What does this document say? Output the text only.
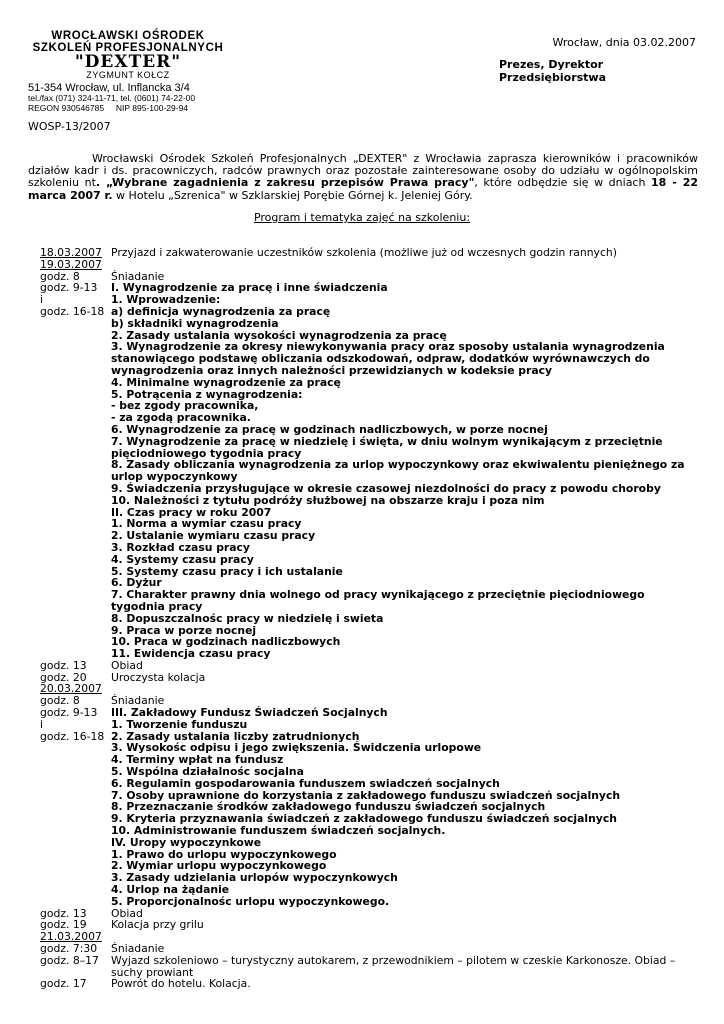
WROCŁAWSKI OŚRODEK
SZKOLEŃ PROFESJONALNYCH
"DEXTER"
ZYGMUNT KOŁCZ
51-354 Wrocław, ul. Inflancka 3/4
tel./fax (071) 324-11-71, tel. (0601) 74-22-00
REGON 930546785     NIP 895-100-29-94
Wrocław, dnia 03.02.2007
Prezes, Dyrektor
Przedsiębiorstwa
WOSP-13/2007

Wrocławski Ośrodek Szkoleń Profesjonalnych „DEXTER" z Wrocławia zaprasza kierowników i pracowników działów kadr i ds. pracowniczych, radców prawnych oraz pozostałe zainteresowane osoby do udziału w ogólnopolskim szkoleniu nt. „Wybrane zagadnienia z zakresu przepisów Prawa pracy", które odbędzie się w dniach 18 - 22 marca 2007 r. w Hotelu „Szrenica" w Szklarskiej Porębie Górnej k. Jeleniej Góry.

Program i tematyka zajęć na szkoleniu:
18.03.2007 Przyjazd i zakwaterowanie uczestników szkolenia (możliwe już od wczesnych godzin rannych)
19.03.2007
godz. 8	Śniadanie
godz. 9-13	I. Wynagrodzenie za pracę i inne świadczenia
i	1. Wprowadzenie:
godz. 16-18 a) definicja wynagrodzenia za pracę
b) składniki wynagrodzenia
2. Zasady ustalania wysokości wynagrodzenia za pracę
3. Wynagrodzenie za okresy niewykonywania pracy oraz sposoby ustalania wynagrodzenia stanowiącego podstawę obliczania odszkodowań, odpraw, dodatków wyrównawczych do wynagrodzenia oraz innych należności przewidzianych w kodeksie pracy
4. Minimalne wynagrodzenie za pracę
5. Potrącenia z wynagrodzenia:
- bez zgody pracownika,
- za zgodą pracownika.
6. Wynagrodzenie za pracę w godzinach nadliczbowych, w porze nocnej
7. Wynagrodzenie za pracę w niedzielę i święta, w dniu wolnym wynikającym z przeciętnie pięciodniowego tygodnia pracy
8. Zasady obliczania wynagrodzenia za urlop wypoczynkowy oraz ekwiwalentu pieniężnego za urlop wypoczynkowy
9. Świadczenia przysługujące w okresie czasowej niezdolności do pracy z powodu choroby
10. Należności z tytułu podróży służbowej na obszarze kraju i poza nim
II. Czas pracy w roku 2007
1. Norma a wymiar czasu pracy
2. Ustalanie wymiaru czasu pracy
3. Rozkład czasu pracy
4. Systemy czasu pracy
5. Systemy czasu pracy i ich ustalanie
6. Dyżur
7. Charakter prawny dnia wolnego od pracy wynikającego z przeciętnie pięciodniowego tygodnia pracy
8. Dopuszczalnośc pracy w niedzielę i swieta
9. Praca w porze nocnej
10. Praca w godzinach nadliczbowych
11. Ewidencja czasu pracy
godz. 13	Obiad
godz. 20	Uroczysta kolacja
20.03.2007
godz. 8	Śniadanie
godz. 9-13	III. Zakładowy Fundusz Świadczeń Socjalnych
i	1. Tworzenie funduszu
godz. 16-18 2. Zasady ustalania liczby zatrudnionych
3. Wysokośc odpisu i jego zwiększenia. Świdczenia urlopowe
4. Terminy wpłat na fundusz
5. Wspólna działalnośc socjalna
6. Regulamin gospodarowania funduszem swiadczeń socjalnych
7. Osoby uprawnione do korzystania z zakładowego funduszu swiadczeń socjalnych
8. Przeznaczanie środków zakładowego funduszu świadczeń socjalnych
9. Kryteria przyznawania świadczeń z zakładowego funduszu świadczeń socjalnych
10. Administrowanie funduszem świadczeń socjalnych.
IV. Uropy wypoczynkowe
1. Prawo do urlopu wypoczynkowego
2. Wymiar urlopu wypoczynkowego
3. Zasady udzielania urlopów wypoczynkowych
4. Urlop na żądanie
5. Proporcjonalnośc urlopu wypoczynkowego.
godz. 13	Obiad
godz. 19	Kolacja przy grilu
21.03.2007
godz. 7:30	Śniadanie
godz. 8–17	Wyjazd szkoleniowo – turystyczny autokarem, z przewodnikiem – pilotem w czeskie Karkonosze. Obiad – suchy prowiant
godz. 17	Powrót do hotelu. Kolacja.
